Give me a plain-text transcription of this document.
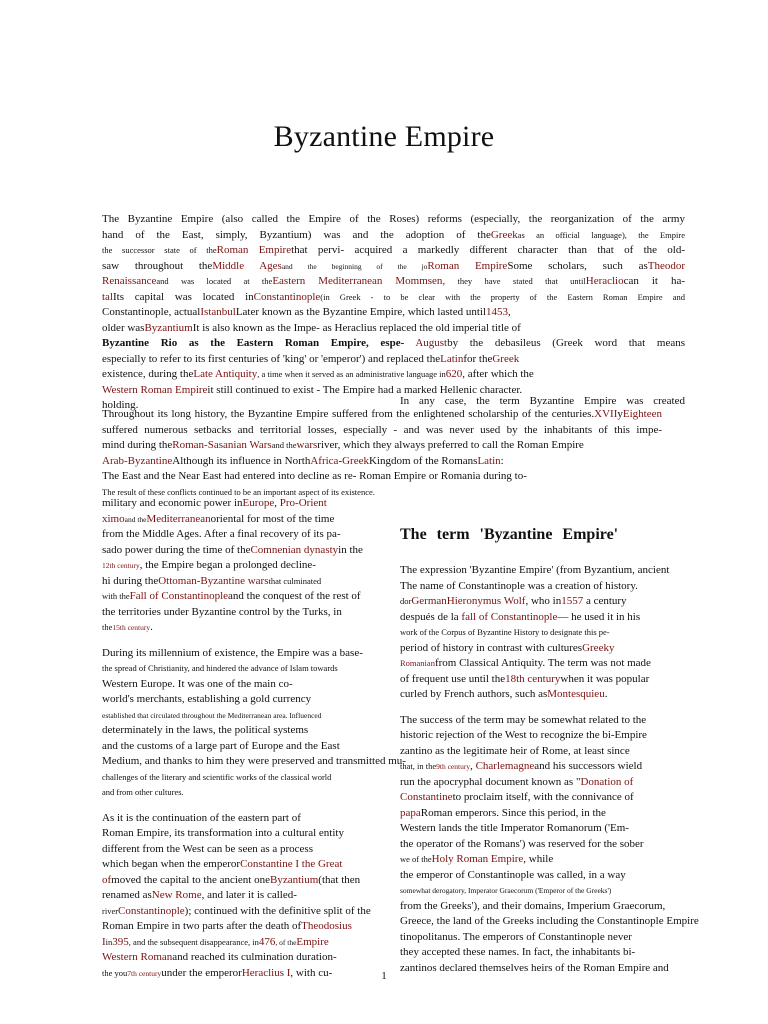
Byzantine Empire
The Byzantine Empire (also called the Empire of the Roses) reforms (especially, the reorganization of the army
hand of the East, simply, Byzantium) was and the adoption of theGreekas an official language), the Empire
the successor state of theRoman Empirethat pervi- acquired a markedly different character than that of the old-
saw throughout theMiddle Agesand the beginning of the joRoman EmpireSome scholars, such asTheodor
Renaissanceand was located at theEastern Mediterranean Mommsen, they have stated that untilHeracliocan it ha-
talIts capital was located inConstantinople(in Greek - to be clear with the property of the Eastern Roman Empire and
Constantinople, actualIstanbulLater known as the Byzantine Empire, which lasted until1453,
older wasByzantiumIt is also known as the Impe- as Heraclius replaced the old imperial title of
Byzantine Rio as the Eastern Roman Empire, espe- Augustby the debasileus (Greek word that means
especially to refer to its first centuries of 'king' or 'emperor') and replaced theLatinfor theGreek
existence, during theLate Antiquity, a time when it served as an administrative language in620, after which the
Western Roman Empireit still continued to exist - The Empire had a marked Hellenic character.
holding.	In any case, the term Byzantine Empire was created
Throughout its long history, the Byzantine Empire suffered from the enlightened scholarship of the centuries.XVIIyEighteen
suffered numerous setbacks and territorial losses, especially - and was never used by the inhabitants of this impe-
mind during theRoman-Sasanian Warsand thewarsriver, which they always preferred to call the Roman Empire
Arab-ByzantineAlthough its influence in NorthAfrica-GreekKingdom of the RomansLatin:
The East and the Near East had entered into decline as re- Roman Empire or Romania during to-
The result of these conflicts continued to be an important aspect of its existence.

military and economic power inEurope, Pro-Orient
ximoand theMediterraneanoriental for most of the time
from the Middle Ages. After a final recovery of its pa-
sado power during the time of theComnenian dynastyin the
12th century, the Empire began a prolonged decline-
hi during theOttoman-Byzantine warsthat culminated
with theFall of Constantinopleand the conquest of the rest of
the territories under Byzantine control by the Turks, in
the15th century.

During its millennium of existence, the Empire was a base-
the spread of Christianity, and hindered the advance of Islam towards
Western Europe. It was one of the main co-
world's merchants, establishing a gold currency
established that circulated throughout the Mediterranean area. Influenced
determinately in the laws, the political systems
and the customs of a large part of Europe and the East
Medium, and thanks to him they were preserved and transmitted mu-
challenges of the literary and scientific works of the classical world
and from other cultures.

As it is the continuation of the eastern part of
Roman Empire, its transformation into a cultural entity
different from the West can be seen as a process
which began when the emperorConstantine I the Great
ofmoved the capital to the ancient oneByzantium(that then
renamed asNew Rome, and later it is called-
riverConstantinople); continued with the definitive split of the
Roman Empire in two parts after the death ofTheodosius
Iin395, and the subsequent disappearance, in476, of theEmpire
Western Romanand reached its culmination duration-
the you7th centuryunder the emperorHeraclius I, with cu-

The term 'Byzantine Empire'

The expression 'Byzantine Empire' (from Byzantium, ancient
The name of Constantinople was a creation of history.
dorGermanHieronymus Wolf, who in1557 a century
después de la fall of Constantinople— he used it in his
work of the Corpus of Byzantine History to designate this pe-
period of history in contrast with culturesGreeky
Romanianfrom Classical Antiquity. The term was not made
of frequent use until the18th centurywhen it was popular
curled by French authors, such asMontesquieu.

The success of the term may be somewhat related to the
historic rejection of the West to recognize the bi-Empire
zantino as the legitimate heir of Rome, at least since
that, in the9th century, Charlemagneand his successors wield
run the apocryphal document known as "Donation of
Constantineto proclaim itself, with the connivance of
papaRoman emperors. Since this period, in the
Western lands the title Imperator Romanorum ('Em-
the operator of the Romans') was reserved for the sober
we of theHoly Roman Empire, while
the emperor of Constantinople was called, in a way
somewhat derogatory, Imperator Graecorum ('Emperor of the Greeks')
from the Greeks'), and their domains, Imperium Graecorum,
Greece, the land of the Greeks including the Constantinople Empire
tinopolitanus. The emperors of Constantinople never
they accepted these names. In fact, the inhabitants bi-
zantinos declared themselves heirs of the Roman Empire and

1
